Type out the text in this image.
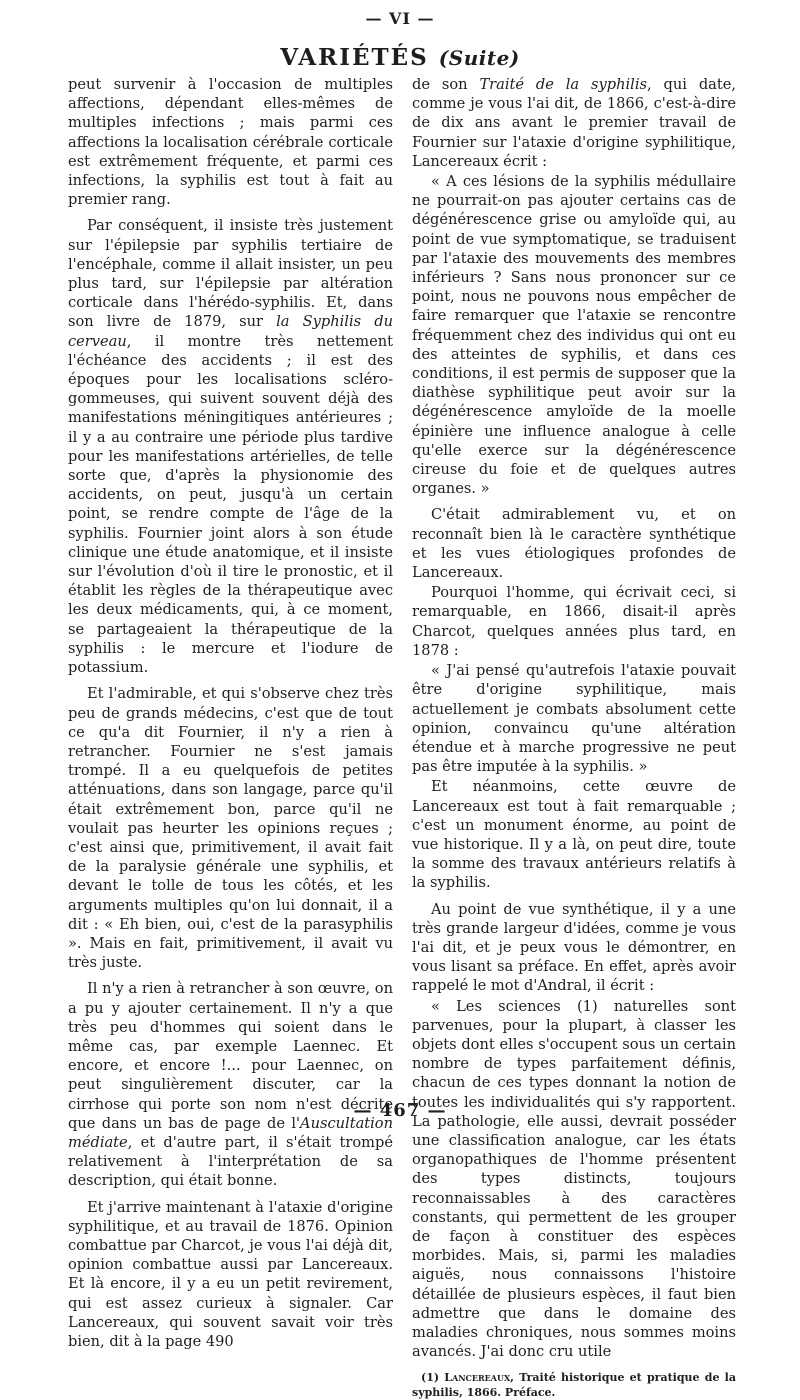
— VI —
VARIÉTÉS (Suite)

peut survenir à l'occasion de multiples affections, dépendant elles-mêmes de multiples infections ; mais parmi ces affections la localisation cérébrale corticale est extrêmement fréquente, et parmi ces infections, la syphilis est tout à fait au premier rang.

Par conséquent, il insiste très justement sur l'épilepsie par syphilis tertiaire de l'encéphale, comme il allait insister, un peu plus tard, sur l'épilepsie par altération corticale dans l'hérédo-syphilis. Et, dans son livre de 1879, sur la Syphilis du cerveau, il montre très nettement l'échéance des accidents ; il est des époques pour les localisations scléro-gommeuses, qui suivent souvent déjà des manifestations méningitiques antérieures ; il y a au contraire une période plus tardive pour les manifestations artérielles, de telle sorte que, d'après la physionomie des accidents, on peut, jusqu'à un certain point, se rendre compte de l'âge de la syphilis. Fournier joint alors à son étude clinique une étude anatomique, et il insiste sur l'évolution d'où il tire le pronostic, et il établit les règles de la thérapeutique avec les deux médicaments, qui, à ce moment, se partageaient la thérapeutique de la syphilis : le mercure et l'iodure de potassium.

Et l'admirable, et qui s'observe chez très peu de grands médecins, c'est que de tout ce qu'a dit Fournier, il n'y a rien à retrancher. Fournier ne s'est jamais trompé. Il a eu quelquefois de petites atténuations, dans son langage, parce qu'il était extrêmement bon, parce qu'il ne voulait pas heurter les opinions reçues ; c'est ainsi que, primitivement, il avait fait de la paralysie générale une syphilis, et devant le tolle de tous les côtés, et les arguments multiples qu'on lui donnait, il a dit : « Eh bien, oui, c'est de la parasyphilis ». Mais en fait, primitivement, il avait vu très juste.

Il n'y a rien à retrancher à son œuvre, on a pu y ajouter certainement. Il n'y a que très peu d'hommes qui soient dans le même cas, par exemple Laennec. Et encore, et encore !... pour Laennec, on peut singulièrement discuter, car la cirrhose qui porte son nom n'est décrite que dans un bas de page de l'Auscultation médiate, et d'autre part, il s'était trompé relativement à l'interprétation de sa description, qui était bonne.

Et j'arrive maintenant à l'ataxie d'origine syphilitique, et au travail de 1876. Opinion combattue par Charcot, je vous l'ai déjà dit, opinion combattue aussi par Lancereaux. Et là encore, il y a eu un petit revirement, qui est assez curieux à signaler. Car Lancereaux, qui souvent savait voir très bien, dit à la page 490

de son Traité de la syphilis, qui date, comme je vous l'ai dit, de 1866, c'est-à-dire de dix ans avant le premier travail de Fournier sur l'ataxie d'origine syphilitique, Lancereaux écrit :

« A ces lésions de la syphilis médullaire ne pourrait-on pas ajouter certains cas de dégénérescence grise ou amyloïde qui, au point de vue symptomatique, se traduisent par l'ataxie des mouvements des membres inférieurs ? Sans nous prononcer sur ce point, nous ne pouvons nous empêcher de faire remarquer que l'ataxie se rencontre fréquemment chez des individus qui ont eu des atteintes de syphilis, et dans ces conditions, il est permis de supposer que la diathèse syphilitique peut avoir sur la dégénérescence amyloïde de la moelle épinière une influence analogue à celle qu'elle exerce sur la dégénérescence cireuse du foie et de quelques autres organes. »

C'était admirablement vu, et on reconnaît bien là le caractère synthétique et les vues étiologiques profondes de Lancereaux.

Pourquoi l'homme, qui écrivait ceci, si remarquable, en 1866, disait-il après Charcot, quelques années plus tard, en 1878 :

« J'ai pensé qu'autrefois l'ataxie pouvait être d'origine syphilitique, mais actuellement je combats absolument cette opinion, convaincu qu'une altération étendue et à marche progressive ne peut pas être imputée à la syphilis. »

Et néanmoins, cette œuvre de Lancereaux est tout à fait remarquable ; c'est un monument énorme, au point de vue historique. Il y a là, on peut dire, toute la somme des travaux antérieurs relatifs à la syphilis.

Au point de vue synthétique, il y a une très grande largeur d'idées, comme je vous l'ai dit, et je peux vous le démontrer, en vous lisant sa préface. En effet, après avoir rappelé le mot d'Andral, il écrit :

« Les sciences (1) naturelles sont parvenues, pour la plupart, à classer les objets dont elles s'occupent sous un certain nombre de types parfaitement définis, chacun de ces types donnant la notion de toutes les individualités qui s'y rapportent. La pathologie, elle aussi, devrait posséder une classification analogue, car les états organopathiques de l'homme présentent des types distincts, toujours reconnaissables à des caractères constants, qui permettent de les grouper de façon à constituer des espèces morbides. Mais, si, parmi les maladies aiguës, nous connaissons l'histoire détaillée de plusieurs espèces, il faut bien admettre que dans le domaine des maladies chroniques, nous sommes moins avancés. J'ai donc cru utile

(1) Lancereaux, Traité historique et pratique de la syphilis, 1866. Préface.
— 467 —
